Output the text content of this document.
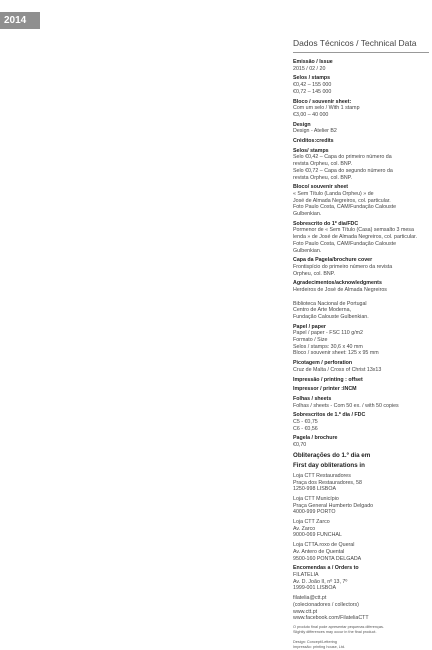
2014
Dados Técnicos / Technical Data
Emissão / Issue
2015 / 02 / 20
Selos / stamps
€0,42 – 155 000
€0,72 – 145 000
Bloco / souvenir sheet:
Com um selo / With 1 stamp
€3,00 – 40 000
Design
Design - Atelier B2
Créditos:credits
Selos/ stamps
Selo €0,42 – Capa do primeiro número da
revista Orpheu, col. BNP.
Selo €0,72 – Capa do segundo número da
revista Orpheu, col. BNP.
Bloco/ souvenir sheet
« Sem Título (Landa Orpheu) » de
José de Almada Negreiros, col. particular.
Foto Paulo Costa, CAM/Fundação Calouste
Gulbenkian.
Sobrescrito do 1º dia/FDC
Pormenor de « Sem Título (Casa) semsalto 3 mesa
lenda » de José de Almada Negreiros, col. particular.
Foto Paulo Costa, CAM/Fundação Calouste
Gulbenkian.
Capa da Pagela/brochure cover
Frontispício do primeiro número da revista
Orpheu, col. BNP.
Agradecimentos/acknowledgments
Herdeiros de José de Almada Negreiros

Biblioteca Nacional de Portugal
Centro de Arte Moderna,
Fundação Calouste Gulbenkian.
Papel / paper
Papel / paper - FSC 110 g/m2
Formato / Size
Selos / stamps: 30,6 x 40 mm
Bloco / souvenir sheet: 125 x 95 mm
Picotagem / perforation
Cruz de Malta / Cross of Christ 13x13
Impressão / printing : offset
Impressor / printer :INCM
Folhas / sheets
Folhas / sheets - Com 50 ex. / with 50 copies
Sobrescritos de 1.º dia / FDC
C5 - €0,75
C6 - €0,56
Pagela / brochure
€0,70
Obliterações do 1.º dia em
First day obliterations in
Loja CTT Restauradores
Praça dos Restauradores, 58
1250-998 LISBOA
Loja CTT Município
Praça General Humberto Delgado
4000-999 PORTO
Loja CTT Zarco
Av. Zarco
9000-069 FUNCHAL
Loja CTTA.roxo de Queral
Av. Antero de Quental
9500-160 PONTA DELGADA
Encomendas a / Orders to
FILATELIA
Av. D. João II, nº 13, 7º
1999-001 LISBOA
filatelia@ctt.pt
(colecionadores / collectors)
www.ctt.pt
www.facebook.com/FilateliaCTT
O produto final pode apresentar pequenas diferenças.
Slightly differences may occur in the final product.

Design: Concept/Lettering
Impressão: printing house, Ltd.
